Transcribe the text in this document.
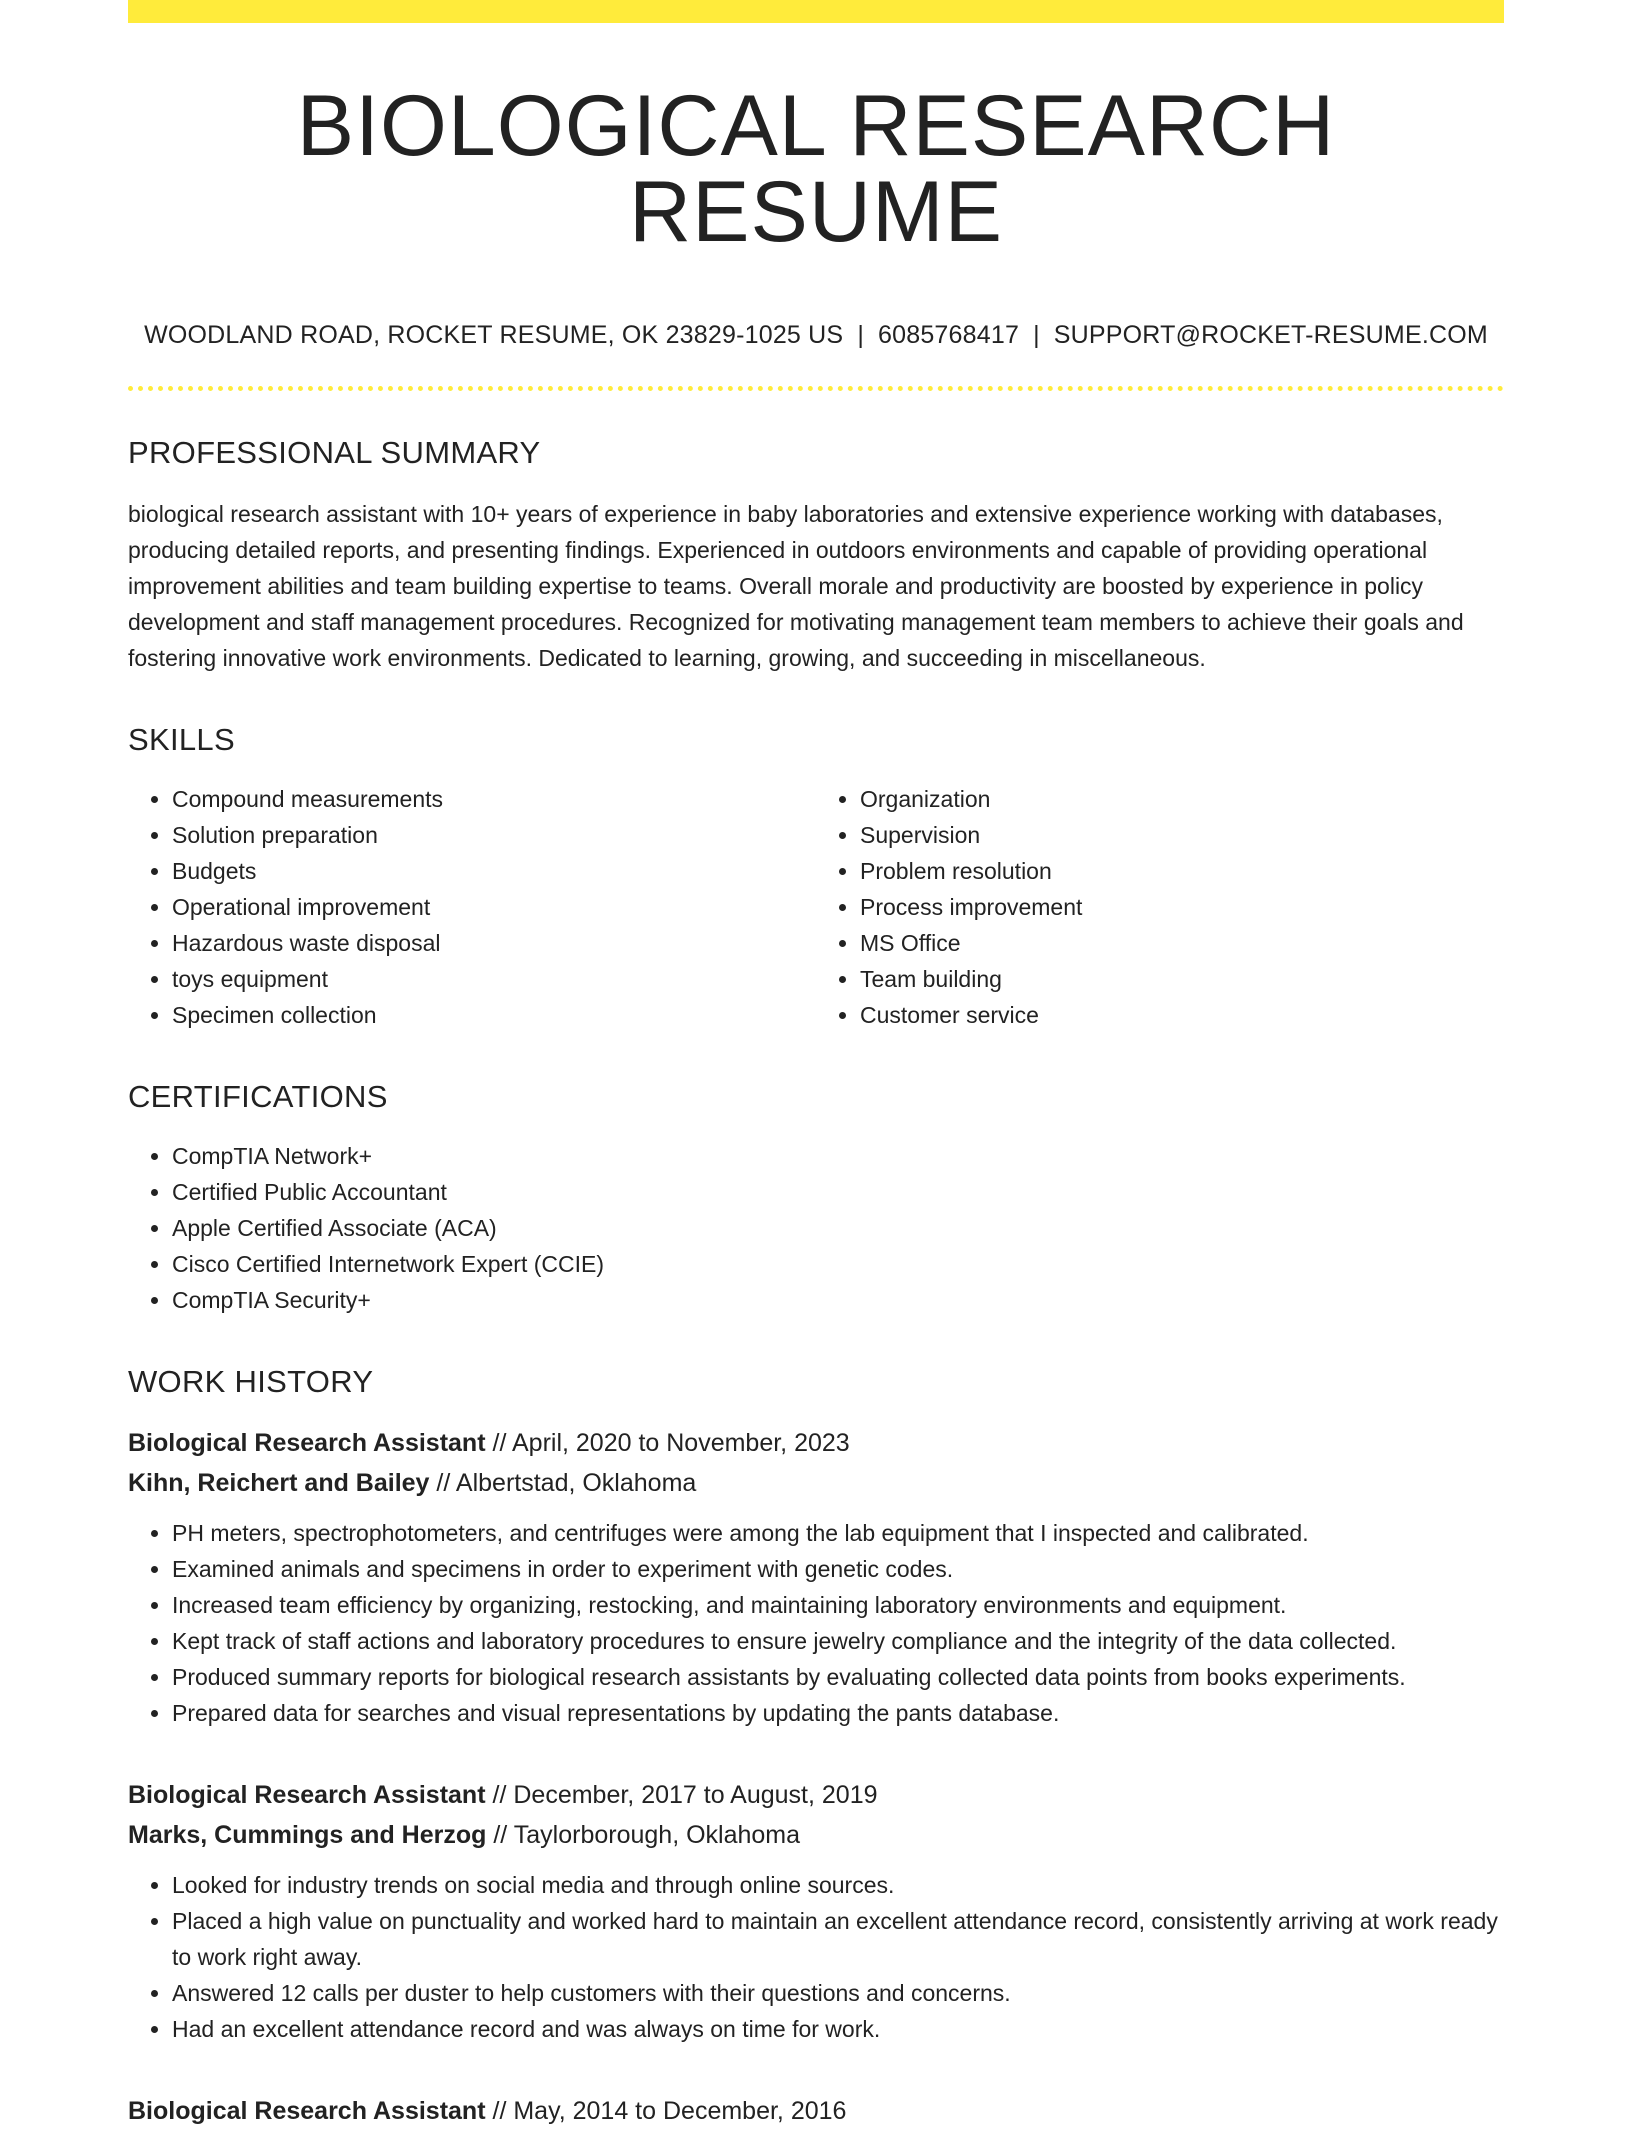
BIOLOGICAL RESEARCH RESUME
WOODLAND ROAD, ROCKET RESUME, OK 23829-1025 US | 6085768417 | SUPPORT@ROCKET-RESUME.COM
PROFESSIONAL SUMMARY
biological research assistant with 10+ years of experience in baby laboratories and extensive experience working with databases, producing detailed reports, and presenting findings. Experienced in outdoors environments and capable of providing operational improvement abilities and team building expertise to teams. Overall morale and productivity are boosted by experience in policy development and staff management procedures. Recognized for motivating management team members to achieve their goals and fostering innovative work environments. Dedicated to learning, growing, and succeeding in miscellaneous.
SKILLS
• Compound measurements
• Solution preparation
• Budgets
• Operational improvement
• Hazardous waste disposal
• toys equipment
• Specimen collection
• Organization
• Supervision
• Problem resolution
• Process improvement
• MS Office
• Team building
• Customer service
CERTIFICATIONS
• CompTIA Network+
• Certified Public Accountant
• Apple Certified Associate (ACA)
• Cisco Certified Internetwork Expert (CCIE)
• CompTIA Security+
WORK HISTORY
Biological Research Assistant // April, 2020 to November, 2023
Kihn, Reichert and Bailey // Albertstad, Oklahoma
• PH meters, spectrophotometers, and centrifuges were among the lab equipment that I inspected and calibrated.
• Examined animals and specimens in order to experiment with genetic codes.
• Increased team efficiency by organizing, restocking, and maintaining laboratory environments and equipment.
• Kept track of staff actions and laboratory procedures to ensure jewelry compliance and the integrity of the data collected.
• Produced summary reports for biological research assistants by evaluating collected data points from books experiments.
• Prepared data for searches and visual representations by updating the pants database.
Biological Research Assistant // December, 2017 to August, 2019
Marks, Cummings and Herzog // Taylorborough, Oklahoma
• Looked for industry trends on social media and through online sources.
• Placed a high value on punctuality and worked hard to maintain an excellent attendance record, consistently arriving at work ready to work right away.
• Answered 12 calls per duster to help customers with their questions and concerns.
• Had an excellent attendance record and was always on time for work.
Biological Research Assistant // May, 2014 to December, 2016
